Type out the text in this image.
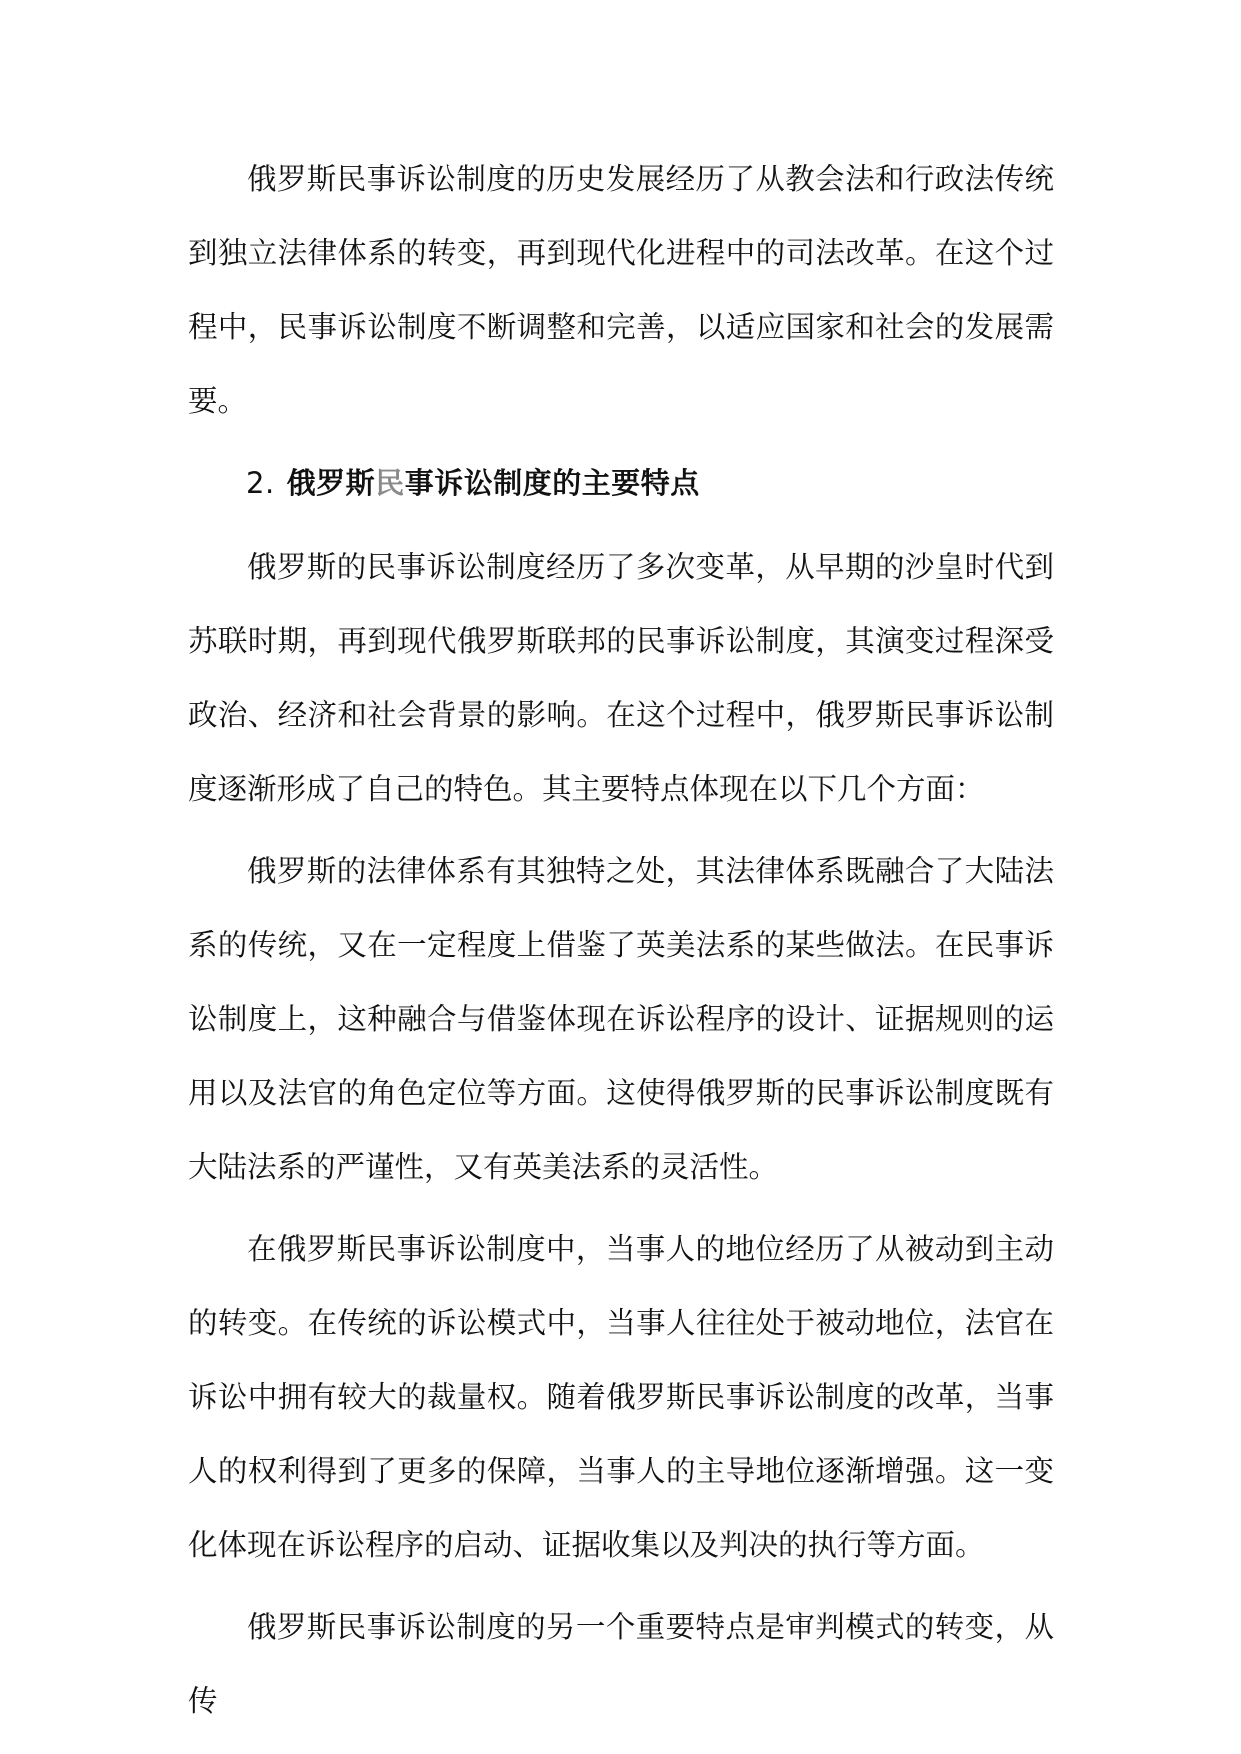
俄罗斯民事诉讼制度的历史发展经历了从教会法和行政法传统到独立法律体系的转变，再到现代化进程中的司法改革。在这个过程中，民事诉讼制度不断调整和完善，以适应国家和社会的发展需要。

2. 俄罗斯民事诉讼制度的主要特点

俄罗斯的民事诉讼制度经历了多次变革，从早期的沙皇时代到苏联时期，再到现代俄罗斯联邦的民事诉讼制度，其演变过程深受政治、经济和社会背景的影响。在这个过程中，俄罗斯民事诉讼制度逐渐形成了自己的特色。其主要特点体现在以下几个方面：

俄罗斯的法律体系有其独特之处，其法律体系既融合了大陆法系的传统，又在一定程度上借鉴了英美法系的某些做法。在民事诉讼制度上，这种融合与借鉴体现在诉讼程序的设计、证据规则的运用以及法官的角色定位等方面。这使得俄罗斯的民事诉讼制度既有大陆法系的严谨性，又有英美法系的灵活性。

在俄罗斯民事诉讼制度中，当事人的地位经历了从被动到主动的转变。在传统的诉讼模式中，当事人往往处于被动地位，法官在诉讼中拥有较大的裁量权。随着俄罗斯民事诉讼制度的改革，当事人的权利得到了更多的保障，当事人的主导地位逐渐增强。这一变化体现在诉讼程序的启动、证据收集以及判决的执行等方面。

俄罗斯民事诉讼制度的另一个重要特点是审判模式的转变，从传
